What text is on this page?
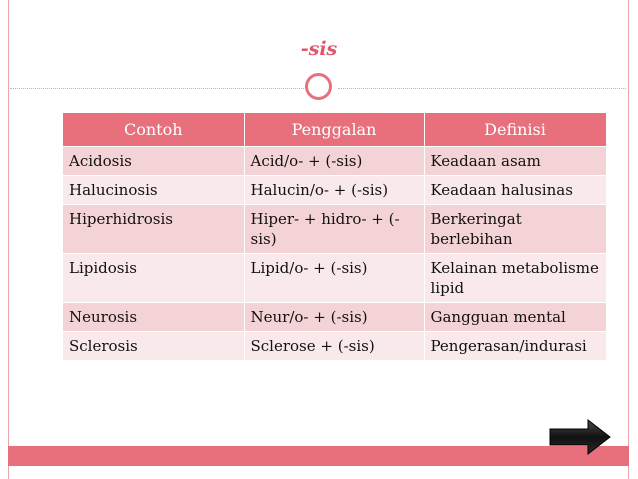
-sis
Contoh	Penggalan	Definisi
Acidosis	Acid/o- + (-sis)	Keadaan asam
Halucinosis	Halucin/o- + (-sis)	Keadaan halusinas
Hiperhidrosis	Hiper- + hidro- + (-sis)	Berkeringat berlebihan
Lipidosis	Lipid/o- + (-sis)	Kelainan metabolisme lipid
Neurosis	Neur/o- + (-sis)	Gangguan mental
Sclerosis	Sclerose + (-sis)	Pengerasan/indurasi
